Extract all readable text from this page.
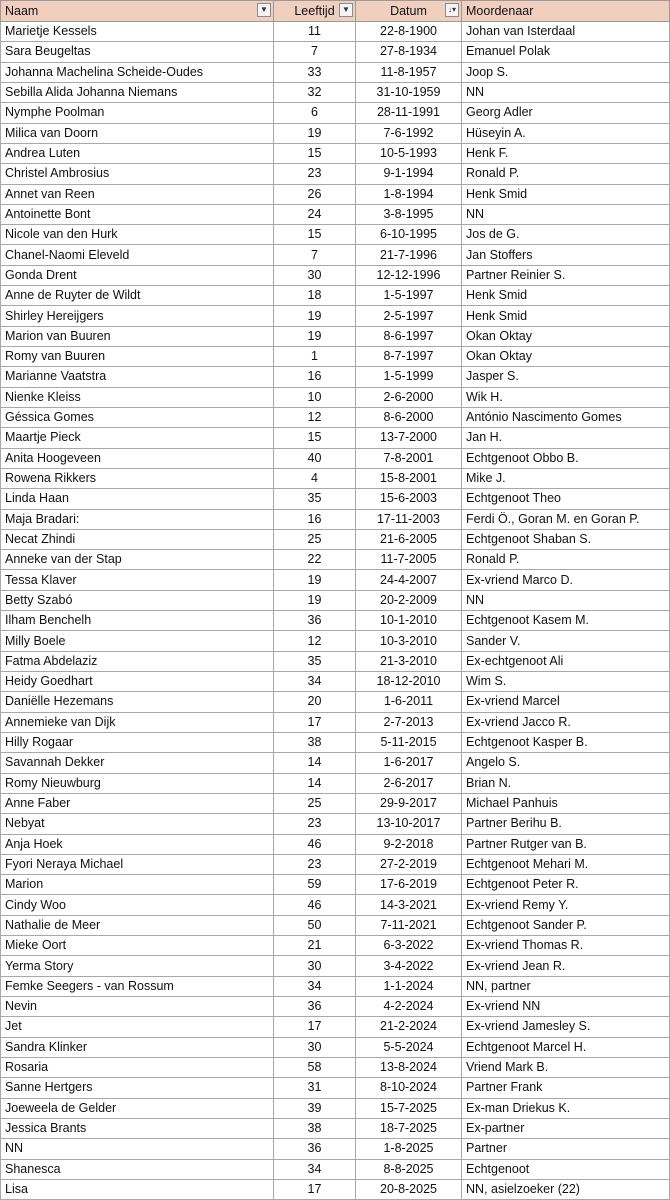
Naam ▼	Leeftijd ▼	Datum ↓▾	Moordenaar
Marietje Kessels	11	22-8-1900	Johan van Isterdaal
Sara Beugeltas	7	27-8-1934	Emanuel Polak
Johanna Machelina Scheide-Oudes	33	11-8-1957	Joop S.
Sebilla Alida Johanna Niemans	32	31-10-1959	NN
Nymphe Poolman	6	28-11-1991	Georg Adler
Milica van Doorn	19	7-6-1992	Hüseyin A.
Andrea Luten	15	10-5-1993	Henk F.
Christel Ambrosius	23	9-1-1994	Ronald P.
Annet van Reen	26	1-8-1994	Henk Smid
Antoinette Bont	24	3-8-1995	NN
Nicole van den Hurk	15	6-10-1995	Jos de G.
Chanel-Naomi Eleveld	7	21-7-1996	Jan Stoffers
Gonda Drent	30	12-12-1996	Partner Reinier S.
Anne de Ruyter de Wildt	18	1-5-1997	Henk Smid
Shirley Hereijgers	19	2-5-1997	Henk Smid
Marion van Buuren	19	8-6-1997	Okan Oktay
Romy van Buuren	1	8-7-1997	Okan Oktay
Marianne Vaatstra	16	1-5-1999	Jasper S.
Nienke Kleiss	10	2-6-2000	Wik H.
Géssica Gomes	12	8-6-2000	António Nascimento Gomes
Maartje Pieck	15	13-7-2000	Jan H.
Anita Hoogeveen	40	7-8-2001	Echtgenoot Obbo B.
Rowena Rikkers	4	15-8-2001	Mike J.
Linda Haan	35	15-6-2003	Echtgenoot Theo
Maja Bradari:	16	17-11-2003	Ferdi Ö., Goran M. en Goran P.
Necat Zhindi	25	21-6-2005	Echtgenoot Shaban S.
Anneke van der Stap	22	11-7-2005	Ronald P.
Tessa Klaver	19	24-4-2007	Ex-vriend Marco D.
Betty Szabó	19	20-2-2009	NN
Ilham Benchelh	36	10-1-2010	Echtgenoot Kasem M.
Milly Boele	12	10-3-2010	Sander V.
Fatma Abdelaziz	35	21-3-2010	Ex-echtgenoot Ali
Heidy Goedhart	34	18-12-2010	Wim S.
Daniëlle Hezemans	20	1-6-2011	Ex-vriend Marcel
Annemieke van Dijk	17	2-7-2013	Ex-vriend Jacco R.
Hilly Rogaar	38	5-11-2015	Echtgenoot Kasper B.
Savannah Dekker	14	1-6-2017	Angelo S.
Romy Nieuwburg	14	2-6-2017	Brian N.
Anne Faber	25	29-9-2017	Michael Panhuis
Nebyat	23	13-10-2017	Partner Berihu B.
Anja Hoek	46	9-2-2018	Partner Rutger van B.
Fyori Neraya Michael	23	27-2-2019	Echtgenoot Mehari M.
Marion	59	17-6-2019	Echtgenoot Peter R.
Cindy Woo	46	14-3-2021	Ex-vriend Remy Y.
Nathalie de Meer	50	7-11-2021	Echtgenoot Sander P.
Mieke Oort	21	6-3-2022	Ex-vriend Thomas R.
Yerma Story	30	3-4-2022	Ex-vriend Jean R.
Femke Seegers - van Rossum	34	1-1-2024	NN, partner
Nevin	36	4-2-2024	Ex-vriend NN
Jet	17	21-2-2024	Ex-vriend Jamesley S.
Sandra Klinker	30	5-5-2024	Echtgenoot Marcel H.
Rosaria	58	13-8-2024	Vriend Mark B.
Sanne Hertgers	31	8-10-2024	Partner Frank
Joeweela de Gelder	39	15-7-2025	Ex-man Driekus K.
Jessica Brants	38	18-7-2025	Ex-partner
NN	36	1-8-2025	Partner
Shanesca	34	8-8-2025	Echtgenoot
Lisa	17	20-8-2025	NN, asielzoeker (22)
